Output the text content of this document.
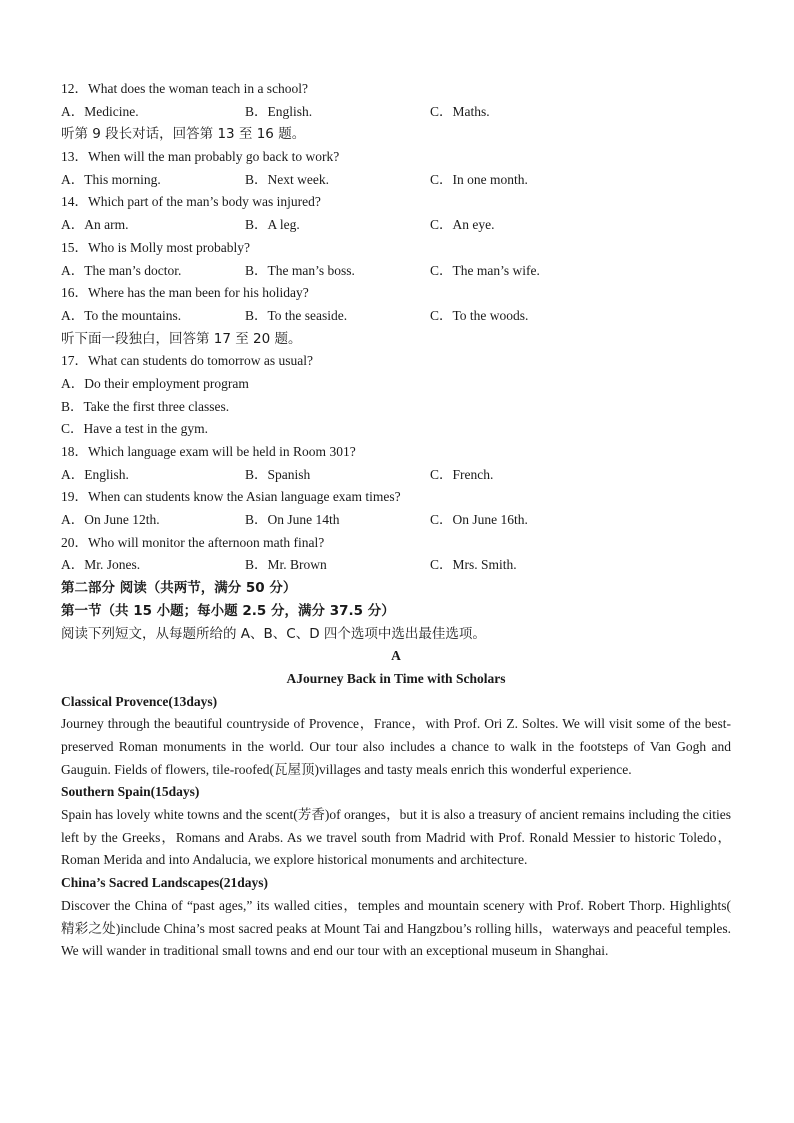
12．What does the woman teach in a school?
A．Medicine.	B．English.	C．Maths.
听第 9 段长对话，回答第 13 至 16 题。
13．When will the man probably go back to work?
A．This morning.	B．Next week.	C．In one month.
14．Which part of the man’s body was injured?
A．An arm.	B．A leg.	C．An eye.
15．Who is Molly most probably?
A．The man’s doctor.	B．The man’s boss.	C．The man’s wife.
16．Where has the man been for his holiday?
A．To the mountains.	B．To the seaside.	C．To the woods.
听下面一段独白，回答第 17 至 20 题。
17．What can students do tomorrow as usual?
A．Do their employment program
B．Take the first three classes.
C．Have a test in the gym.
18．Which language exam will be held in Room 301?
A．English.	B．Spanish	C．French.
19．When can students know the Asian language exam times?
A．On June 12th.	B．On June 14th	C．On June 16th.
20．Who will monitor the afternoon math final?
A．Mr. Jones.	B．Mr. Brown	C．Mrs. Smith.
第二部分 阅读（共两节，满分 50 分）
第一节（共 15 小题；每小题 2.5 分，满分 37.5 分）
阅读下列短文，从每题所给的 A、B、C、D 四个选项中选出最佳选项。
A
AJourney Back in Time with Scholars
Classical Provence(13days)
Journey through the beautiful countryside of Provence，France，with Prof. Ori Z. Soltes. We will visit some of the best-preserved Roman monuments in the world. Our tour also includes a chance to walk in the footsteps of Van Gogh and Gauguin. Fields of flowers, tile-roofed(瓦屋顶)villages and tasty meals enrich this wonderful experience.
Southern Spain(15days)
Spain has lovely white towns and the scent(芳香)of oranges，but it is also a treasury of ancient remains including the cities left by the Greeks，Romans and Arabs. As we travel south from Madrid with Prof. Ronald Messier to historic Toledo，Roman Merida and into Andalucia, we explore historical monuments and architecture.
China’s Sacred Landscapes(21days)
Discover the China of “past ages,” its walled cities，temples and mountain scenery with Prof. Robert Thorp. Highlights( 精彩之处)include China’s most sacred peaks at Mount Tai and Hangzbou’s rolling hills，waterways and peaceful temples. We will wander in traditional small towns and end our tour with an exceptional museum in Shanghai.
